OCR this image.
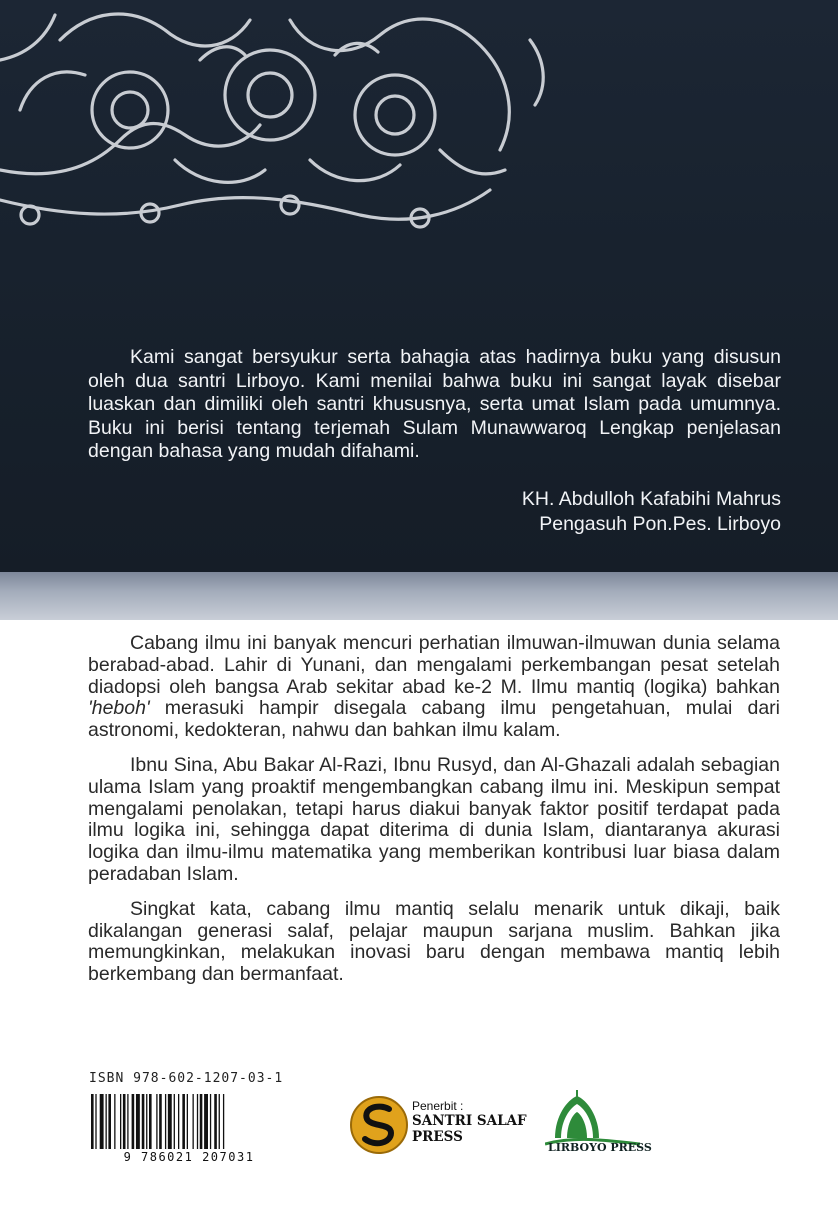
Kami sangat bersyukur serta bahagia atas hadirnya buku yang disusun oleh dua santri Lirboyo. Kami menilai bahwa buku ini sangat layak disebar luaskan dan dimiliki oleh santri khususnya, serta umat Islam pada umumnya. Buku ini berisi tentang terjemah Sulam Munawwaroq Lengkap penjelasan dengan bahasa yang mudah difahami.

KH. Abdulloh Kafabihi Mahrus
Pengasuh Pon.Pes. Lirboyo

Cabang ilmu ini banyak mencuri perhatian ilmuwan-ilmuwan dunia selama berabad-abad. Lahir di Yunani, dan mengalami perkembangan pesat setelah diadopsi oleh bangsa Arab sekitar abad ke-2 M. Ilmu mantiq (logika) bahkan 'heboh' merasuki hampir disegala cabang ilmu pengetahuan, mulai dari astronomi, kedokteran, nahwu dan bahkan ilmu kalam.

Ibnu Sina, Abu Bakar Al-Razi, Ibnu Rusyd, dan Al-Ghazali adalah sebagian ulama Islam yang proaktif mengembangkan cabang ilmu ini. Meskipun sempat mengalami penolakan, tetapi harus diakui banyak faktor positif terdapat pada ilmu logika ini, sehingga dapat diterima di dunia Islam, diantaranya akurasi logika dan ilmu-ilmu matematika yang memberikan kontribusi luar biasa dalam peradaban Islam.

Singkat kata, cabang ilmu mantiq selalu menarik untuk dikaji, baik dikalangan generasi salaf, pelajar maupun sarjana muslim. Bahkan jika memungkinkan, melakukan inovasi baru dengan membawa mantiq lebih berkembang dan bermanfaat.

ISBN 978-602-1207-03-1
9 786021 207031
Penerbit :
SANTRI SALAF
PRESS
LIRBOYO PRESS
